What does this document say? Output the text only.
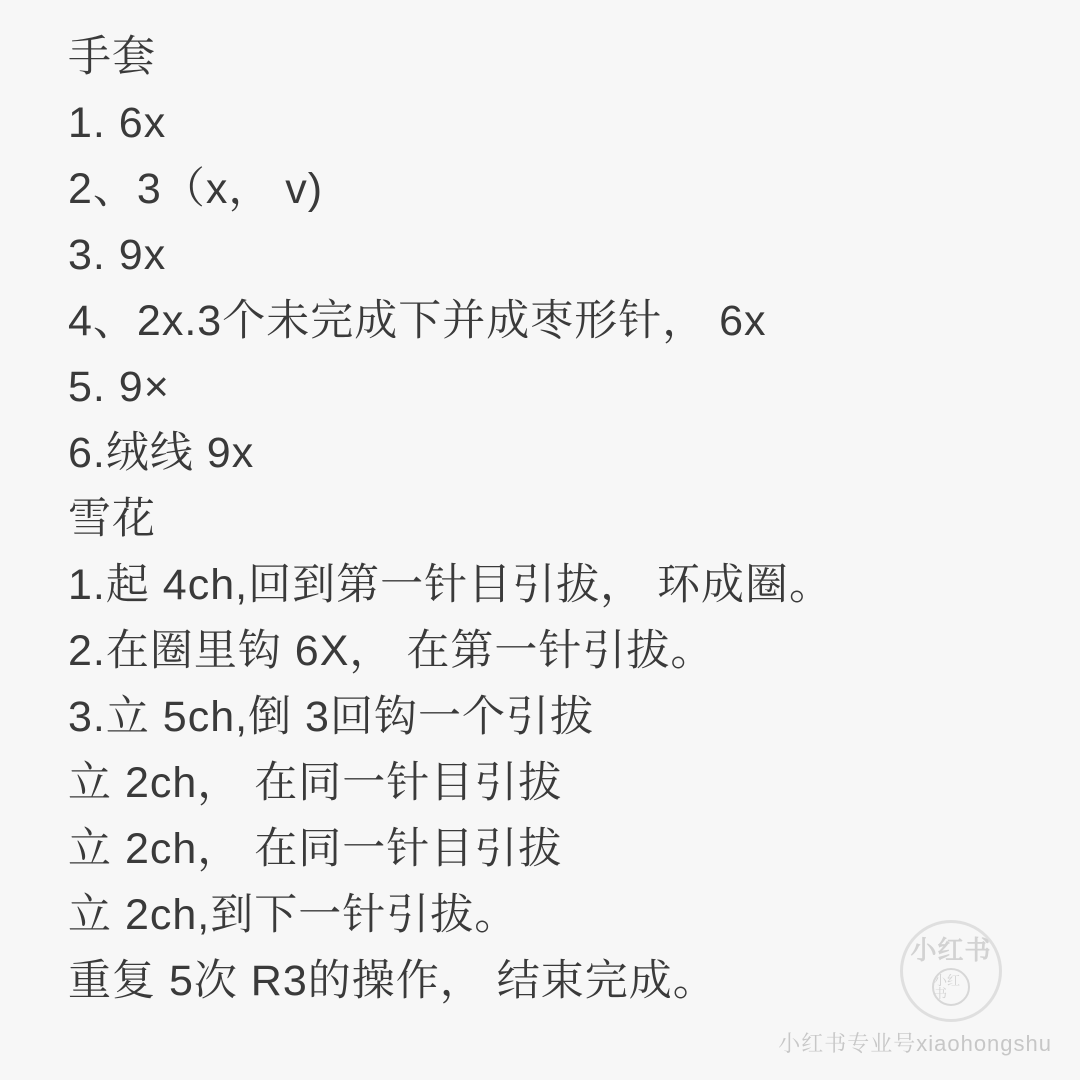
手套
1. 6x
2、3（x， v)
3. 9x
4、2x.3个未完成下并成枣形针， 6x
5. 9×
6.绒线 9x
雪花
1.起 4ch,回到第一针目引拔， 环成圈。
2.在圈里钩 6X， 在第一针引拔。
3.立 5ch,倒 3回钩一个引拔
立 2ch， 在同一针目引拔
立 2ch， 在同一针目引拔
立 2ch,到下一针引拔。
重复 5次 R3的操作， 结束完成。
小红书
小红书
小红书专业号xiaohongshu
